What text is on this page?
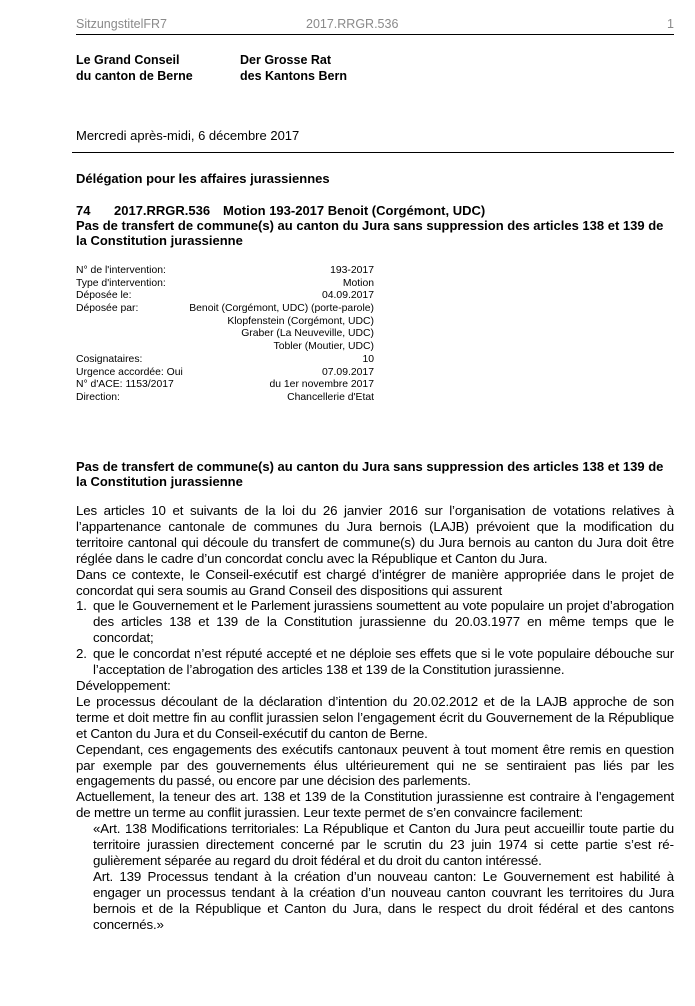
SitzungstitelFR7	2017.RRGR.536	1
Le Grand Conseil
du canton de Berne
Der Grosse Rat
des Kantons Bern
Mercredi après-midi, 6 décembre 2017
Délégation pour les affaires jurassiennes
74 2017.RRGR.536 Motion 193-2017 Benoit (Corgémont, UDC)
Pas de transfert de commune(s) au canton du Jura sans suppression des articles 138 et 139 de la Constitution jurassienne
N° de l'intervention:	193-2017
Type d'intervention:	Motion
Déposée le:	04.09.2017
Déposée par:	Benoit (Corgémont, UDC) (porte-parole)
Klopfenstein (Corgémont, UDC)
Graber (La Neuveville, UDC)
Tobler (Moutier, UDC)
Cosignataires:	10
Urgence accordée: Oui	07.09.2017
N° d'ACE: 1153/2017	du 1er novembre 2017
Direction:	Chancellerie d'Etat
Pas de transfert de commune(s) au canton du Jura sans suppression des articles 138 et 139 de la Constitution jurassienne

Les articles 10 et suivants de la loi du 26 janvier 2016 sur l’organisation de votations relatives à l’appartenance cantonale de communes du Jura bernois (LAJB) prévoient que la modification du territoire cantonal qui découle du transfert de commune(s) du Jura bernois au canton du Jura doit être réglée dans le cadre d’un concordat conclu avec la République et Canton du Jura.

Dans ce contexte, le Conseil-exécutif est chargé d’intégrer de manière appropriée dans le projet de concordat qui sera soumis au Grand Conseil des dispositions qui assurent

1. que le Gouvernement et le Parlement jurassiens soumettent au vote populaire un projet d’abrogation des articles 138 et 139 de la Constitution jurassienne du 20.03.1977 en même temps que le concordat;
2. que le concordat n’est réputé accepté et ne déploie ses effets que si le vote populaire débouche sur l’acceptation de l’abrogation des articles 138 et 139 de la Constitution jurassienne.

Développement:

Le processus découlant de la déclaration d’intention du 20.02.2012 et de la LAJB approche de son terme et doit mettre fin au conflit jurassien selon l’engagement écrit du Gouvernement de la République et Canton du Jura et du Conseil-exécutif du canton de Berne.

Cependant, ces engagements des exécutifs cantonaux peuvent à tout moment être remis en question par exemple par des gouvernements élus ultérieurement qui ne se sentiraient pas liés par les engagements du passé, ou encore par une décision des parlements.

Actuellement, la teneur des art. 138 et 139 de la Constitution jurassienne est contraire à l’engagement de mettre un terme au conflit jurassien. Leur texte permet de s’en convaincre facilement:

«Art. 138 Modifications territoriales: La République et Canton du Jura peut accueillir toute partie du territoire jurassien directement concerné par le scrutin du 23 juin 1974 si cette partie s’est régulièrement séparée au regard du droit fédéral et du droit du canton intéressé.

Art. 139 Processus tendant à la création d’un nouveau canton: Le Gouvernement est habilité à engager un processus tendant à la création d’un nouveau canton couvrant les territoires du Jura bernois et de la République et Canton du Jura, dans le respect du droit fédéral et des cantons concernés.»
